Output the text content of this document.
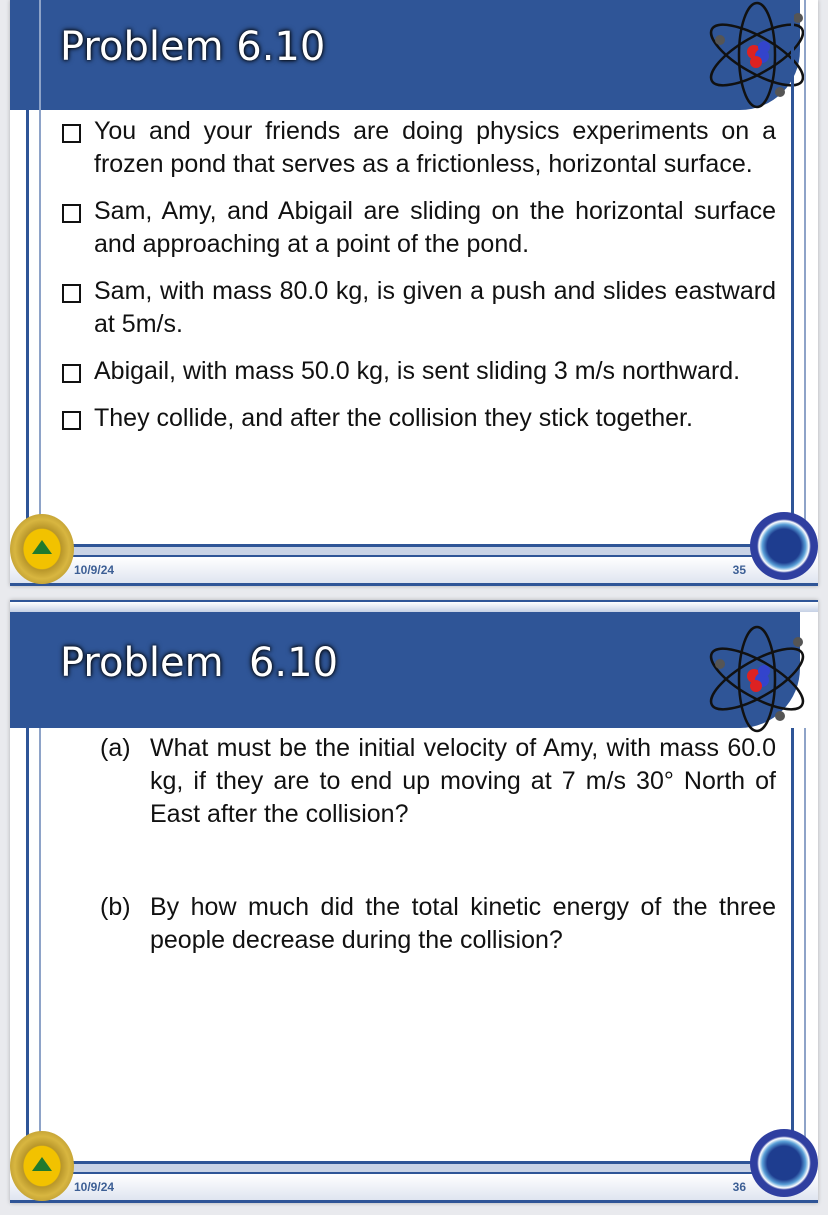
Problem 6.10
You and your friends are doing physics experiments on a frozen pond that serves as a frictionless, horizontal surface.
Sam, Amy, and Abigail are sliding on the horizontal surface and approaching at a point of the pond.
Sam, with mass 80.0 kg, is given a push and slides eastward at 5m/s.
Abigail, with mass 50.0 kg, is sent sliding 3 m/s northward.
They collide, and after the collision they stick together.
10/9/24	35
Problem  6.10
(a) What must be the initial velocity of Amy, with mass 60.0 kg, if they are to end up moving at 7 m/s 30° North of East after the collision?
(b) By how much did the total kinetic energy of the three people decrease during the collision?
10/9/24	36
